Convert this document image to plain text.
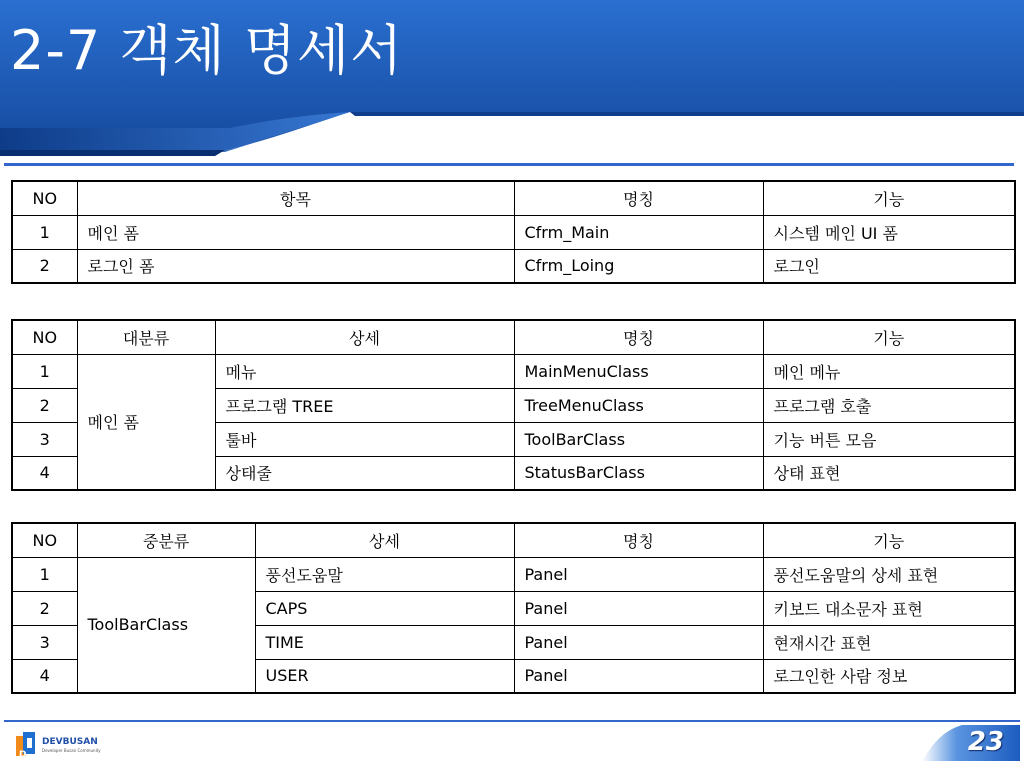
2-7 객체 명세서
NO	항목	명칭	기능
1	메인 폼	Cfrm_Main	시스템 메인 UI 폼
2	로그인 폼	Cfrm_Loing	로그인
NO	대분류	상세	명칭	기능
1	메인 폼	메뉴	MainMenuClass	메인 메뉴
2		프로그램 TREE	TreeMenuClass	프로그램 호출
3		툴바	ToolBarClass	기능 버튼 모음
4		상태줄	StatusBarClass	상태 표현
NO	중분류	상세	명칭	기능
1	ToolBarClass	풍선도움말	Panel	풍선도움말의 상세 표현
2		CAPS	Panel	키보드 대소문자 표현
3		TIME	Panel	현재시간 표현
4		USER	Panel	로그인한 사람 정보
D
DEVBUSAN
Developer Busan Community	23
